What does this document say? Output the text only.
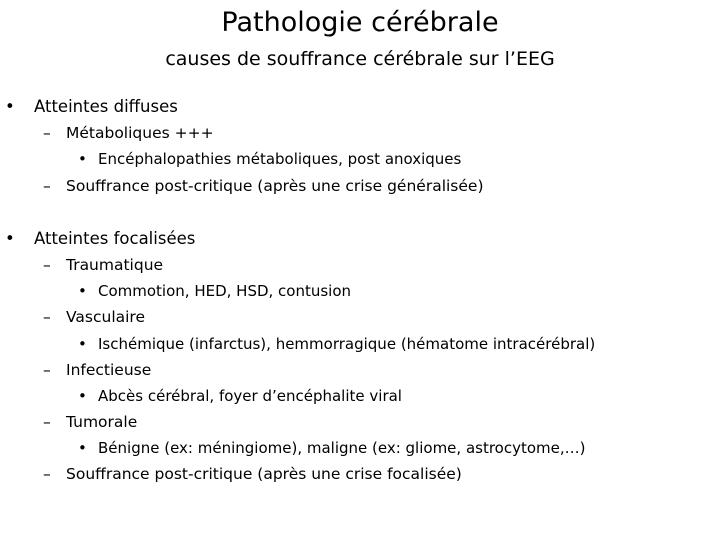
Pathologie cérébrale
causes de souffrance cérébrale sur l’EEG
• Atteintes diffuses
– Métaboliques +++
• Encéphalopathies métaboliques, post anoxiques
– Souffrance post-critique (après une crise généralisée)
• Atteintes focalisées
– Traumatique
• Commotion, HED, HSD, contusion
– Vasculaire
• Ischémique (infarctus), hemmorragique (hématome intracérébral)
– Infectieuse
• Abcès cérébral, foyer d’encéphalite viral
– Tumorale
• Bénigne (ex: méningiome), maligne (ex: gliome, astrocytome,…)
– Souffrance post-critique (après une crise focalisée)
